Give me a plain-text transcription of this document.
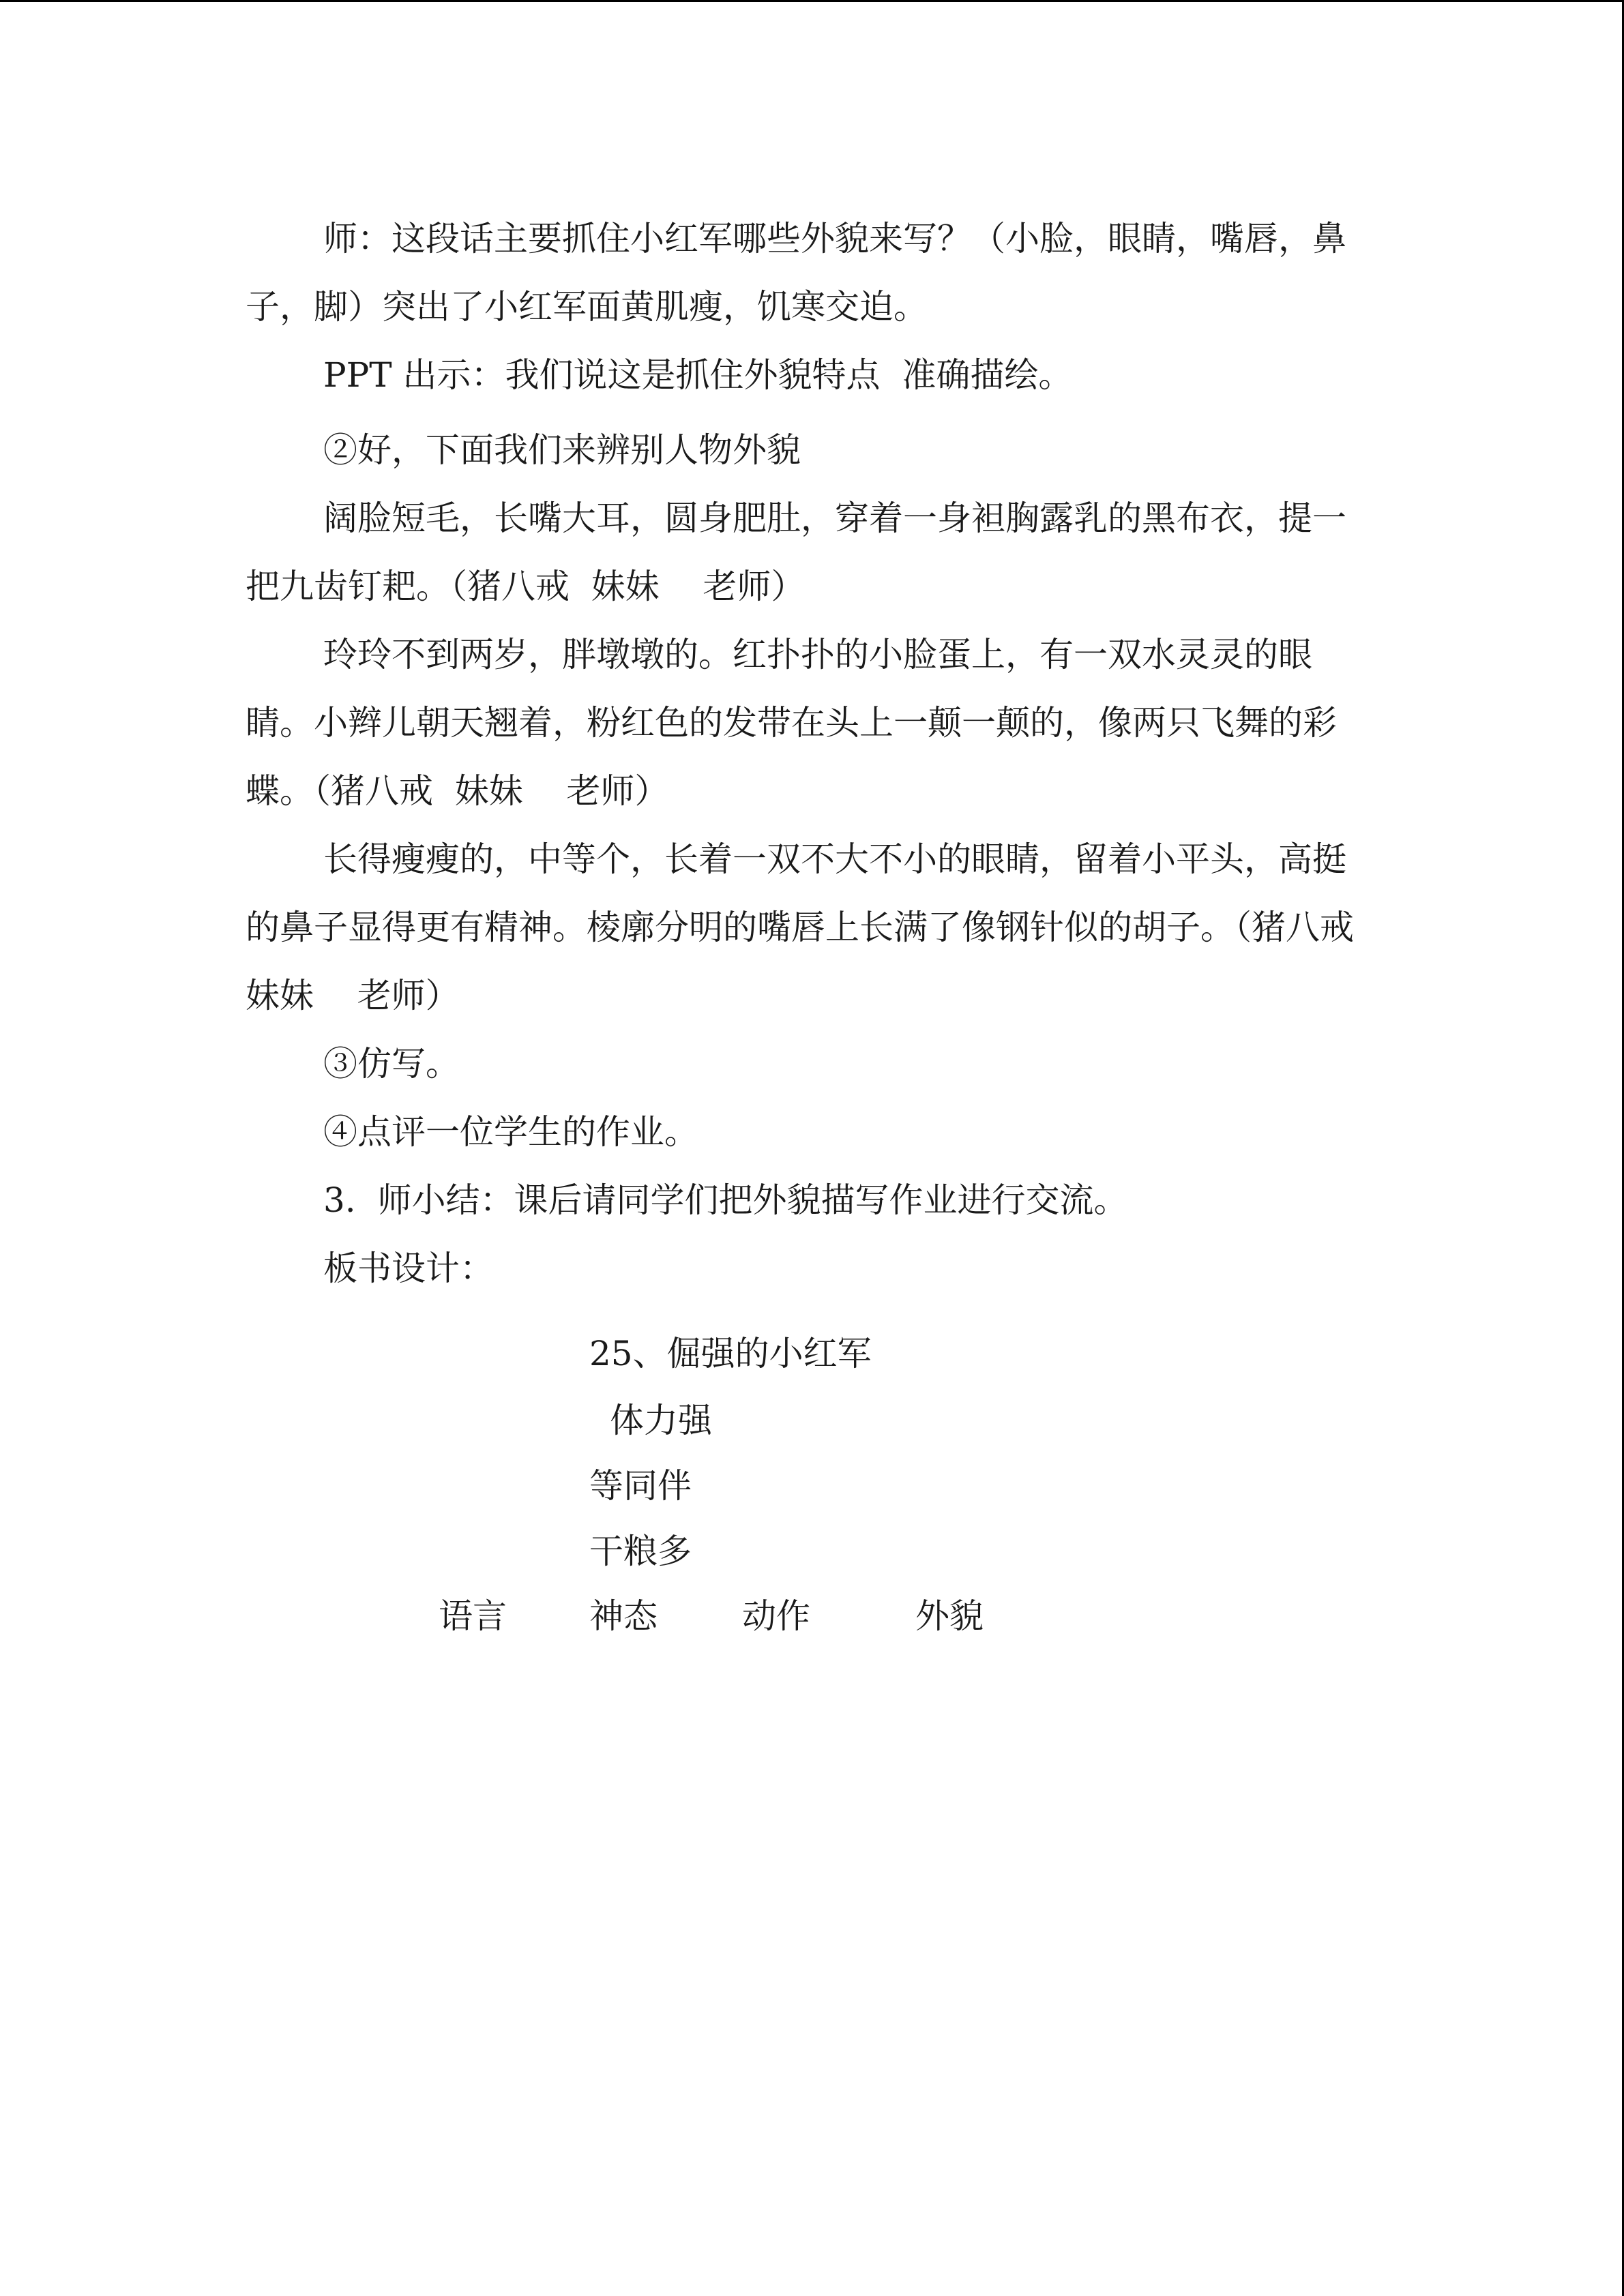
师：这段话主要抓住小红军哪些外貌来写？（小脸，眼睛，嘴唇，鼻子，脚）突出了小红军面黄肌瘦，饥寒交迫。

PPT 出示：我们说这是抓住外貌特点  准确描绘。

②好，下面我们来辨别人物外貌

阔脸短毛，长嘴大耳，圆身肥肚，穿着一身袒胸露乳的黑布衣，提一把九齿钉耙。（猪八戒  妹妹    老师）

玲玲不到两岁，胖墩墩的。红扑扑的小脸蛋上，有一双水灵灵的眼睛。小辫儿朝天翘着，粉红色的发带在头上一颠一颠的，像两只飞舞的彩蝶。（猪八戒  妹妹    老师）

长得瘦瘦的，中等个，长着一双不大不小的眼睛，留着小平头，高挺的鼻子显得更有精神。棱廓分明的嘴唇上长满了像钢针似的胡子。（猪八戒  妹妹    老师）

③仿写。

④点评一位学生的作业。

3.  师小结：课后请同学们把外貌描写作业进行交流。

板书设计：

25、倔强的小红军
体力强
等同伴
干粮多
语言 神态 动作	外貌
